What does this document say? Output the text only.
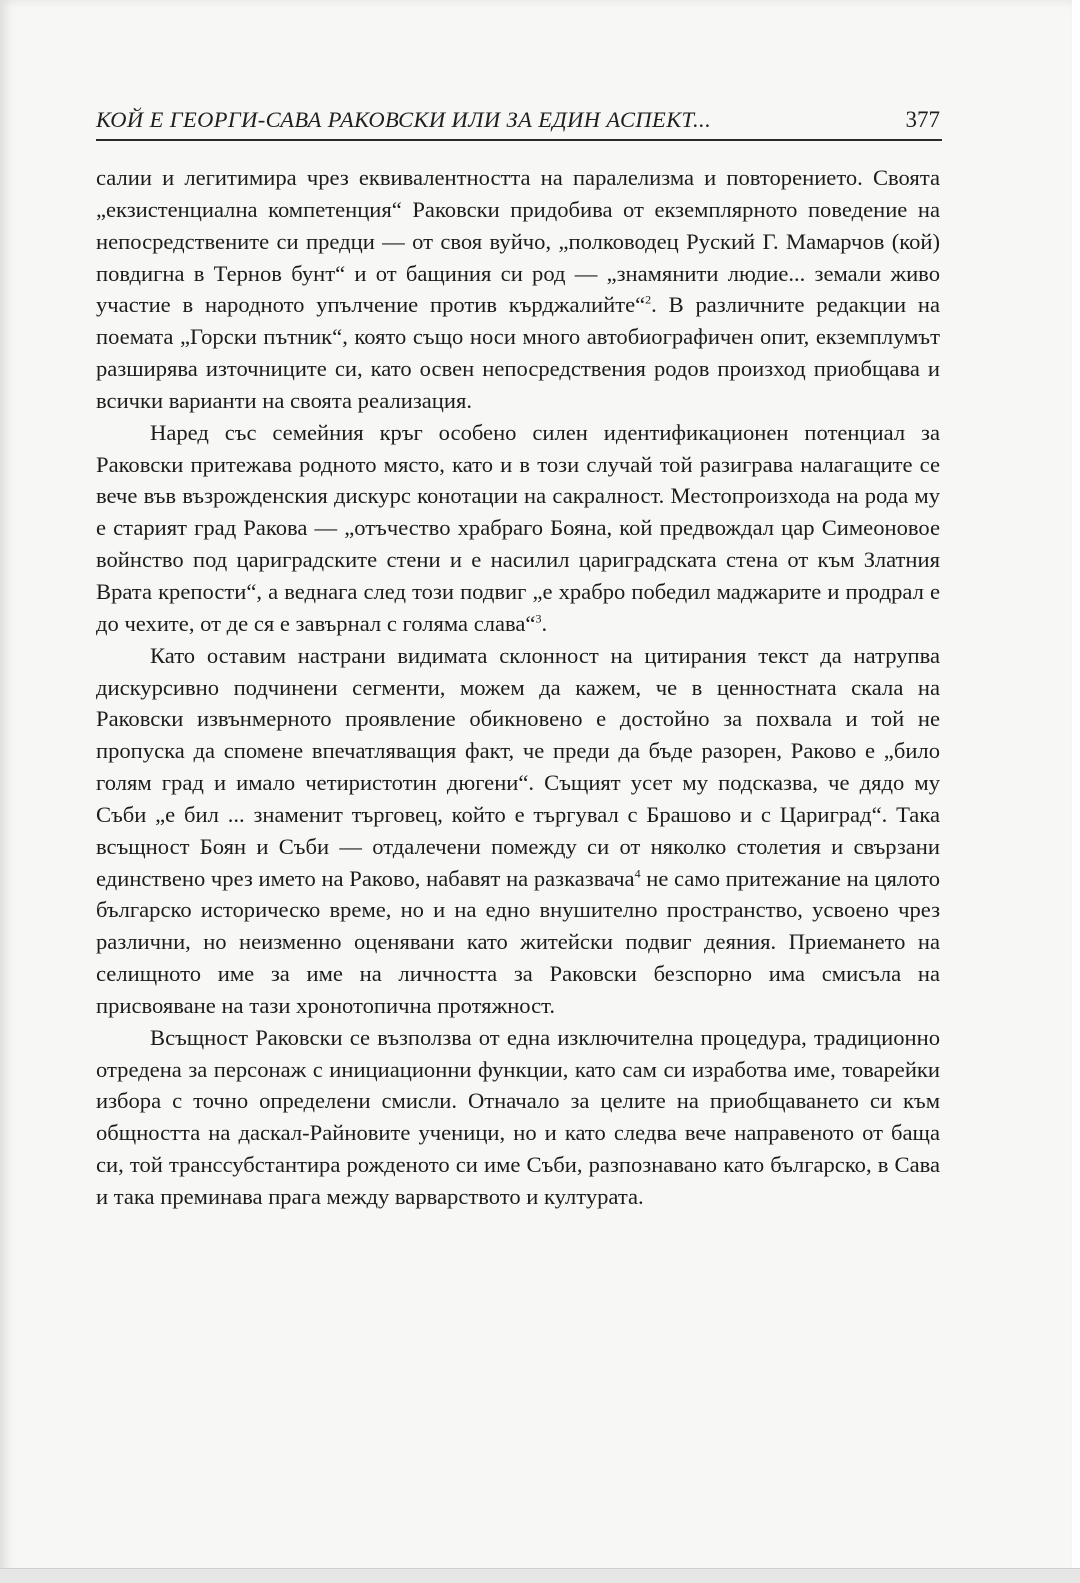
КОЙ Е ГЕОРГИ-САВА РАКОВСКИ ИЛИ ЗА ЕДИН АСПЕКТ...	377

салии и легитимира чрез еквивалентността на паралелизма и повторението. Своята „екзистенциална компетенция“ Раковски придобива от екземплярното поведение на непосредствените си предци — от своя вуйчо, „полководец Руский Г. Мамарчов (кой) повдигна в Тернов бунт“ и от бащиния си род — „знамянити людие... земали живо участие в народното упълчение против кърджалийте“$^2$. В различните редакции на поемата „Горски пътник“, която също носи много автобиографичен опит, екземплумът разширява източниците си, като освен непосредствения родов произход приобщава и всички варианти на своята реализация.

Наред със семейния кръг особено силен идентификационен потенциал за Раковски притежава родното място, като и в този случай той разиграва налагащите се вече във възрожденския дискурс конотации на сакралност. Местопроизхода на рода му е старият град Ракова — „отъчество храбраго Бояна, кой предвождал цар Симеоновое войнство под цариградските стени и е насилил цариградската стена от към Златния Врата крепости“, а веднага след този подвиг „е храбро победил маджарите и продрал е до чехите, от де ся е завърнал с голяма слава“$^3$.

Като оставим настрани видимата склонност на цитирания текст да натрупва дискурсивно подчинени сегменти, можем да кажем, че в ценностната скала на Раковски извънмерното проявление обикновено е достойно за похвала и той не пропуска да спомене впечатляващия факт, че преди да бъде разорен, Раково е „било голям град и имало четиристотин дюгени“. Същият усет му подсказва, че дядо му Съби „е бил ... знаменит търговец, който е търгувал с Брашово и с Цариград“. Така всъщност Боян и Съби — отдалечени помежду си от няколко столетия и свързани единствено чрез името на Раково, набавят на разказвача$^4$ не само притежание на цялото българско историческо време, но и на едно внушително пространство, усвоено чрез различни, но неизменно оценявани като житейски подвиг деяния. Приемането на селищното име за име на личността за Раковски безспорно има смисъла на присвояване на тази хронотопична протяжност.

Всъщност Раковски се възползва от една изключителна процедура, традиционно отредена за персонаж с инициационни функции, като сам си изработва име, товарейки избора с точно определени смисли. Отначало за целите на приобщаването си към общността на даскал-Райновите ученици, но и като следва вече направеното от баща си, той транссубстантира рожденото си име Съби, разпознавано като българско, в Сава и така преминава прага между варварството и културата.
